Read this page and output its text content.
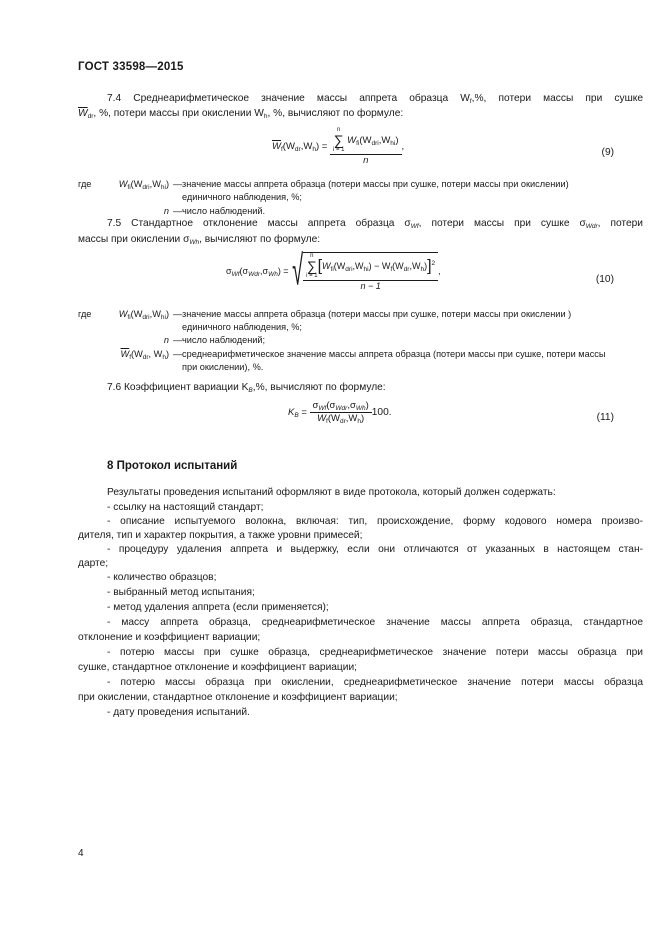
ГОСТ 33598—2015
7.4 Среднеарифметическое значение массы аппрета образца $W_f,\%$, потери массы при сушке
$\overline{W}_{dr}$, %, потери массы при окислении $W_h$, %, вычисляют по формуле:
$\overline{W}_f(W_{dr},W_h) = n$
∑
i = 1
$W_{fi}(W_{dri},W_{hi})$
n ,
(9)
где	$W_{fi}(W_{dri},W_{hi})$ — значение массы аппрета образца (потери массы при сушке, потери массы при окислении) единичного наблюдения, %;
n — число наблюдений.
7.5 Стандартное отклонение массы аппрета образца $\sigma_{Wf}$, потери массы при сушке $\sigma_{Wdr}$, потери
массы при окислении $\sigma_{Wh}$, вычисляют по формуле:
$\sigma_{Wf}(\sigma_{Wdr},\sigma_{Wh})$ = √	n
∑
i = 1
$[W_{fi}(W_{dri},W_{hi}) - W_f(W_{dr},W_h)]^2$
n − 1
,
(10)
где	$W_{fi}(W_{dri},W_{hi})$ — значение массы аппрета образца (потери массы при сушке, потери массы при окислении ) единичного наблюдения, %;
n — число наблюдений;
$\overline{W}_f(W_{dr}$, $W_h$) — среднеарифметическое значение массы аппрета образца (потери массы при сушке, потери массы при окислении), %.
7.6 Коэффициент вариации $K_B,\%$, вычисляют по формуле:
$K_B = \frac{\sigma_{Wf}(\sigma_{Wdr},\sigma_{Wh})}{\overline{W}_f(W_{dr},W_h)} 100$.	(11)
8 Протокол испытаний
Результаты проведения испытаний оформляют в виде протокола, который должен содержать:
- ссылку на настоящий стандарт;
- описание испытуемого волокна, включая: тип, происхождение, форму кодового номера произво-
дителя, тип и характер покрытия, а также уровни примесей;
- процедуру удаления аппрета и выдержку, если они отличаются от указанных в настоящем стан-
дарте;
- количество образцов;
- выбранный метод испытания;
- метод удаления аппрета (если применяется);
- массу аппрета образца, среднеарифметическое значение массы аппрета образца, стандартное
отклонение и коэффициент вариации;
- потерю массы при сушке образца, среднеарифметическое значение потери массы образца при
сушке, стандартное отклонение и коэффициент вариации;
- потерю массы образца при окислении, среднеарифметическое значение потери массы образца
при окислении, стандартное отклонение и коэффициент вариации;
- дату проведения испытаний.
4
